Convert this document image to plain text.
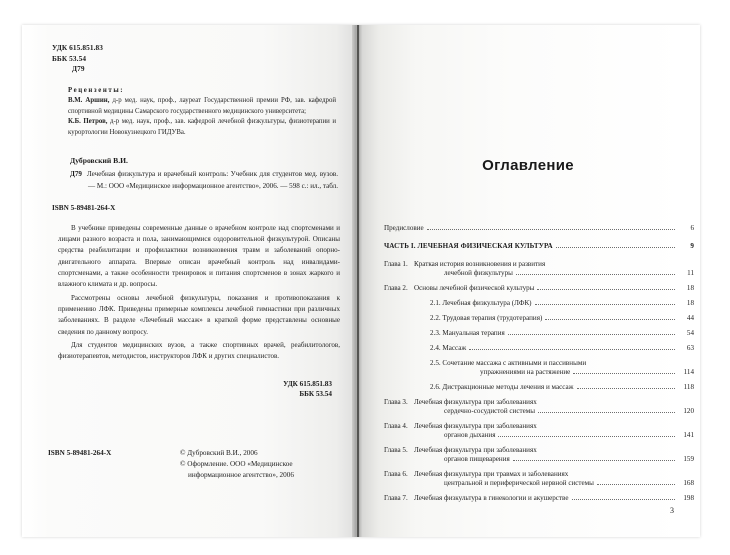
УДК 615.851.83
ББК 53.54
Д79
Рецензенты:
В.М. Аршин, д-р мед. наук, проф., лауреат Государственной премии РФ, зав. кафедрой спортивной медицины Самарского государственного медицинского университета;
К.Б. Петров, д-р мед. наук, проф., зав. кафедрой лечебной физкультуры, физиотерапии и курортологии Новокузнецкого ГИДУВа.
Дубровский В.И.
Д79 Лечебная физкультура и врачебный контроль: Учебник для студентов мед. вузов. — М.: ООО «Медицинское информационное агентство», 2006. — 598 с.: ил., табл.
ISBN 5-89481-264-X

В учебнике приведены современные данные о врачебном контроле над спортсменами и лицами разного возраста и пола, занимающимися оздоровительной физкультурой. Описаны средства реабилитации и профилактики возникновения травм и заболеваний опорно-двигательного аппарата. Впервые описан врачебный контроль над инвалидами-спортсменами, а также особенности тренировок и питания спортсменов в зонах жаркого и влажного климата и др. вопросы.

Рассмотрены основы лечебной физкультуры, показания и противопоказания к применению ЛФК. Приведены примерные комплексы лечебной гимнастики при различных заболеваниях. В разделе «Лечебный массаж» в краткой форме представлены основные сведения по данному вопросу.

Для студентов медицинских вузов, а также спортивных врачей, реабилитологов, физиотерапевтов, методистов, инструкторов ЛФК и других специалистов.

УДК 615.851.83
ББК 53.54
ISBN 5-89481-264-X	© Дубровский В.И., 2006
© Оформление. ООО «Медицинское
информационное агентство», 2006
Оглавление
Предисловие	6
ЧАСТЬ I. ЛЕЧЕБНАЯ ФИЗИЧЕСКАЯ КУЛЬТУРА	9
Глава 1. Краткая история возникновения и развития
лечебной физкультуры	11
Глава 2. Основы лечебной физической культуры	18
2.1. Лечебная физкультура (ЛФК)	18
2.2. Трудовая терапия (трудотерапия)	44
2.3. Мануальная терапия	54
2.4. Массаж	63
2.5. Сочетание массажа с активными и пассивными
упражнениями на растяжение	114
2.6. Дистракционные методы лечения и массаж	118
Глава 3. Лечебная физкультура при заболеваниях
сердечно-сосудистой системы	120
Глава 4. Лечебная физкультура при заболеваниях
органов дыхания	141
Глава 5. Лечебная физкультура при заболеваниях
органов пищеварения	159
Глава 6. Лечебная физкультура при травмах и заболеваниях
центральной и периферической нервной системы	168
Глава 7. Лечебная физкультура в гинекологии и акушерстве	198
3
